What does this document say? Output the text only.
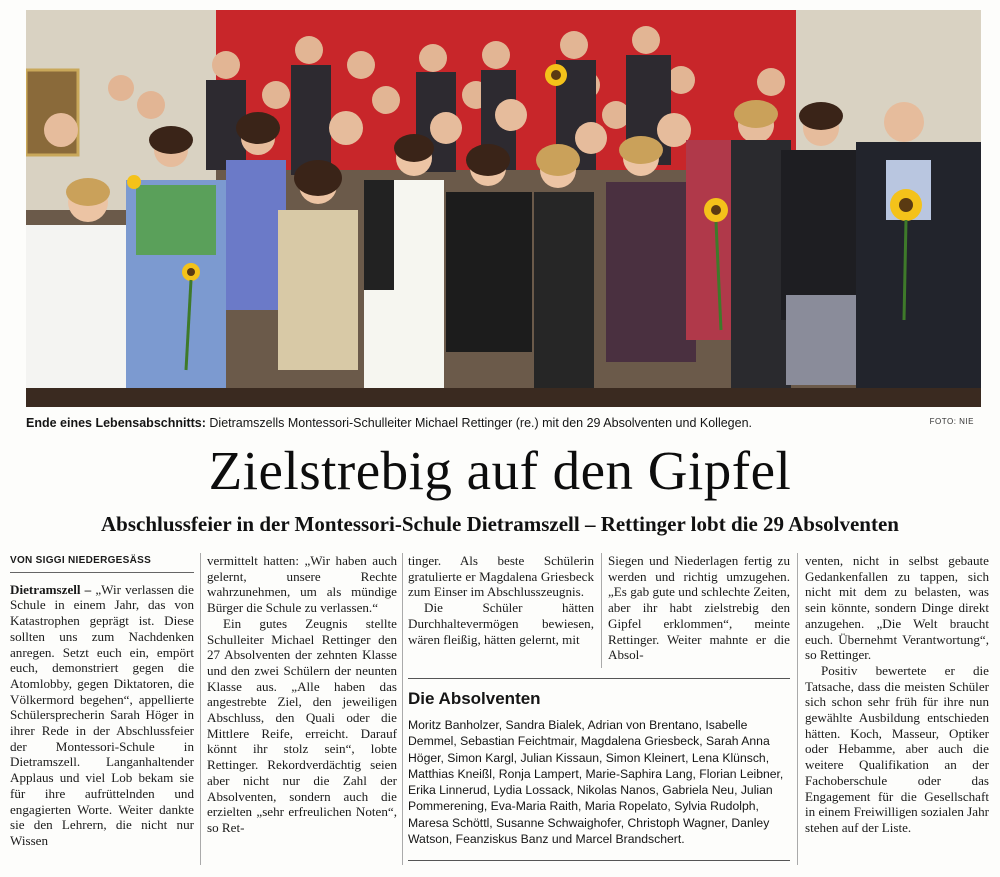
Ende eines Lebensabschnitts: Dietramszells Montessori-Schulleiter Michael Rettinger (re.) mit den 29 Absolventen und Kollegen.	FOTO: NIE
Zielstrebig auf den Gipfel
Abschlussfeier in der Montessori-Schule Dietramszell – Rettinger lobt die 29 Absolventen
VON SIGGI NIEDERGESÄSS

Dietramszell – „Wir verlassen die Schule in einem Jahr, das von Katastrophen geprägt ist. Diese sollten uns zum Nachdenken anregen. Setzt euch ein, empört euch, demonstriert gegen die Atomlobby, gegen Diktatoren, die Völkermord begehen“, appellierte Schülersprecherin Sarah Höger in ihrer Rede in der Abschlussfeier der Montessori-Schule in Dietramszell. Langanhaltender Applaus und viel Lob bekam sie für ihre aufrüttelnden und engagierten Worte. Weiter dankte sie den Lehrern, die nicht nur Wissen

vermittelt hatten: „Wir haben auch gelernt, unsere Rechte wahrzunehmen, um als mündige Bürger die Schule zu verlassen.“

Ein gutes Zeugnis stellte Schulleiter Michael Rettinger den 27 Absolventen der zehnten Klasse und den zwei Schülern der neunten Klasse aus. „Alle haben das angestrebte Ziel, den jeweiligen Abschluss, den Quali oder die Mittlere Reife, erreicht. Darauf könnt ihr stolz sein“, lobte Rettinger. Rekordverdächtig seien aber nicht nur die Zahl der Absolventen, sondern auch die erzielten „sehr erfreulichen Noten“, so Ret-

tinger. Als beste Schülerin gratulierte er Magdalena Griesbeck zum Einser im Abschlusszeugnis.

Die Schüler hätten Durchhaltevermögen bewiesen, wären fleißig, hätten gelernt, mit

Siegen und Niederlagen fertig zu werden und richtig umzugehen. „Es gab gute und schlechte Zeiten, aber ihr habt zielstrebig den Gipfel erklommen“, meinte Rettinger. Weiter mahnte er die Absol-

venten, nicht in selbst gebaute Gedankenfallen zu tappen, sich nicht mit dem zu belasten, was sein könnte, sondern Dinge direkt anzugehen. „Die Welt braucht euch. Übernehmt Verantwortung“, so Rettinger.

Positiv bewertete er die Tatsache, dass die meisten Schüler sich schon sehr früh für ihre nun gewählte Ausbildung entschieden hätten. Koch, Masseur, Optiker oder Hebamme, aber auch die weitere Qualifikation an der Fachoberschule oder das Engagement für die Gesellschaft in einem Freiwilligen sozialen Jahr stehen auf der Liste.

Die Absolventen
Moritz Banholzer, Sandra Bialek, Adrian von Brentano, Isabelle Demmel, Sebastian Feichtmair, Magdalena Griesbeck, Sarah Anna Höger, Simon Kargl, Julian Kissaun, Simon Kleinert, Lena Klünsch, Matthias Kneißl, Ronja Lampert, Marie-Saphira Lang, Florian Leibner, Erika Linnerud, Lydia Lossack, Nikolas Nanos, Gabriela Neu, Julian Pommerening, Eva-Maria Raith, Maria Ropelato, Sylvia Rudolph, Maresa Schöttl, Susanne Schwaighofer, Christoph Wagner, Danley Watson, Feanziskus Banz und Marcel Brandschert.
